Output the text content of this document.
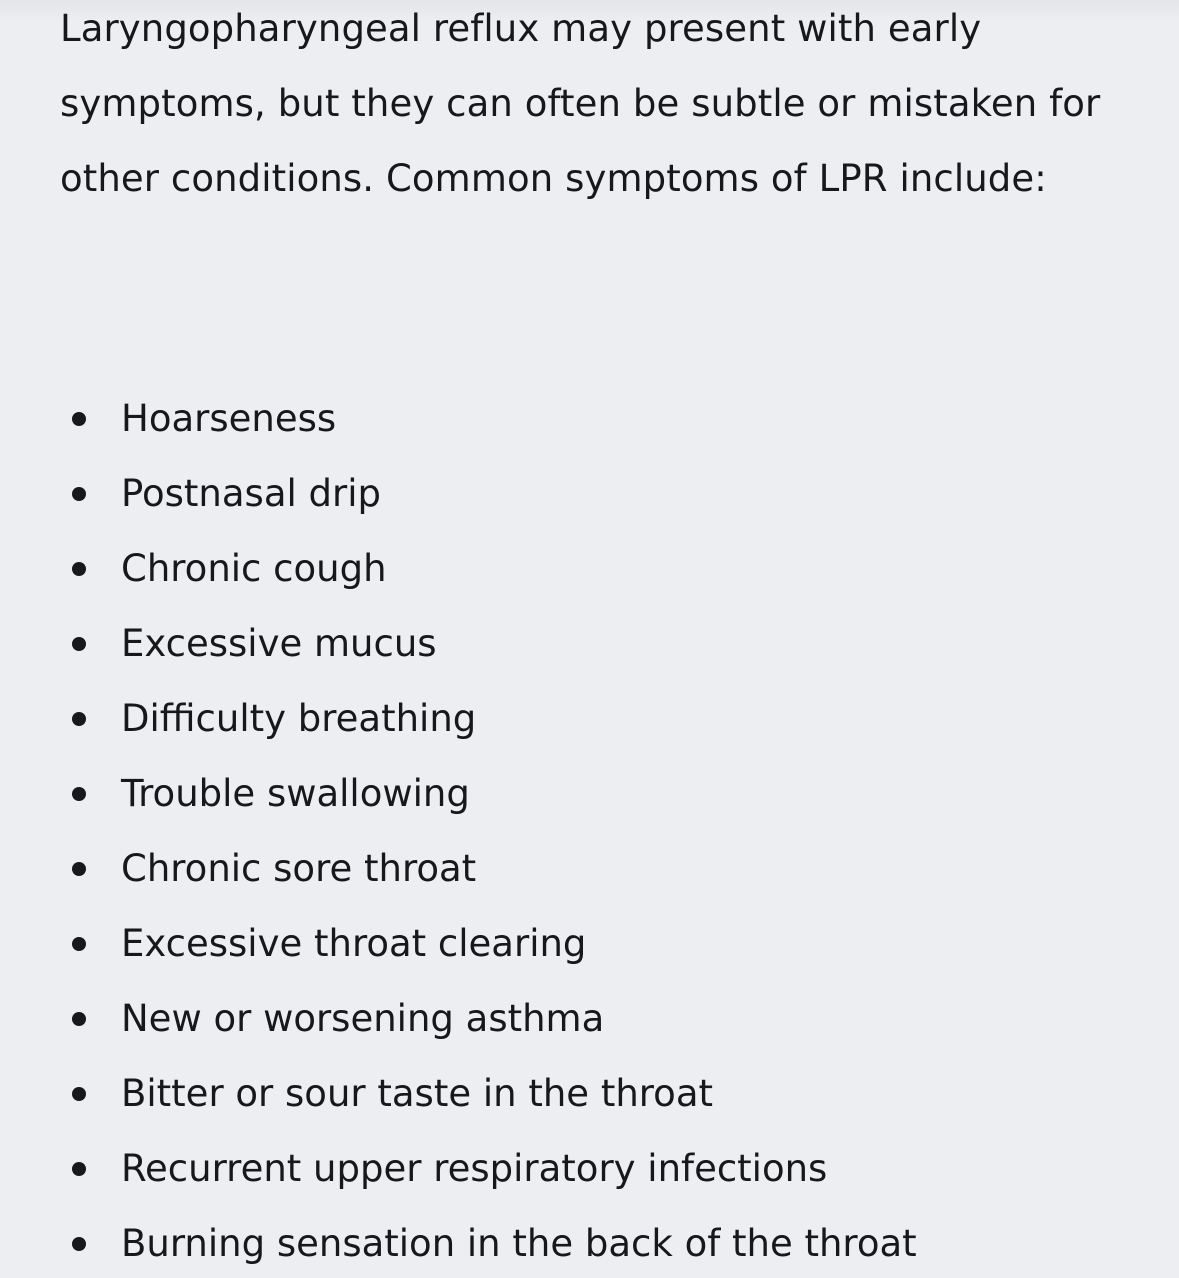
Laryngopharyngeal reflux may present with early symptoms, but they can often be subtle or mistaken for other conditions. Common symptoms of LPR include:

Hoarseness
Postnasal drip
Chronic cough
Excessive mucus
Difficulty breathing
Trouble swallowing
Chronic sore throat
Excessive throat clearing
New or worsening asthma
Bitter or sour taste in the throat
Recurrent upper respiratory infections
Burning sensation in the back of the throat
